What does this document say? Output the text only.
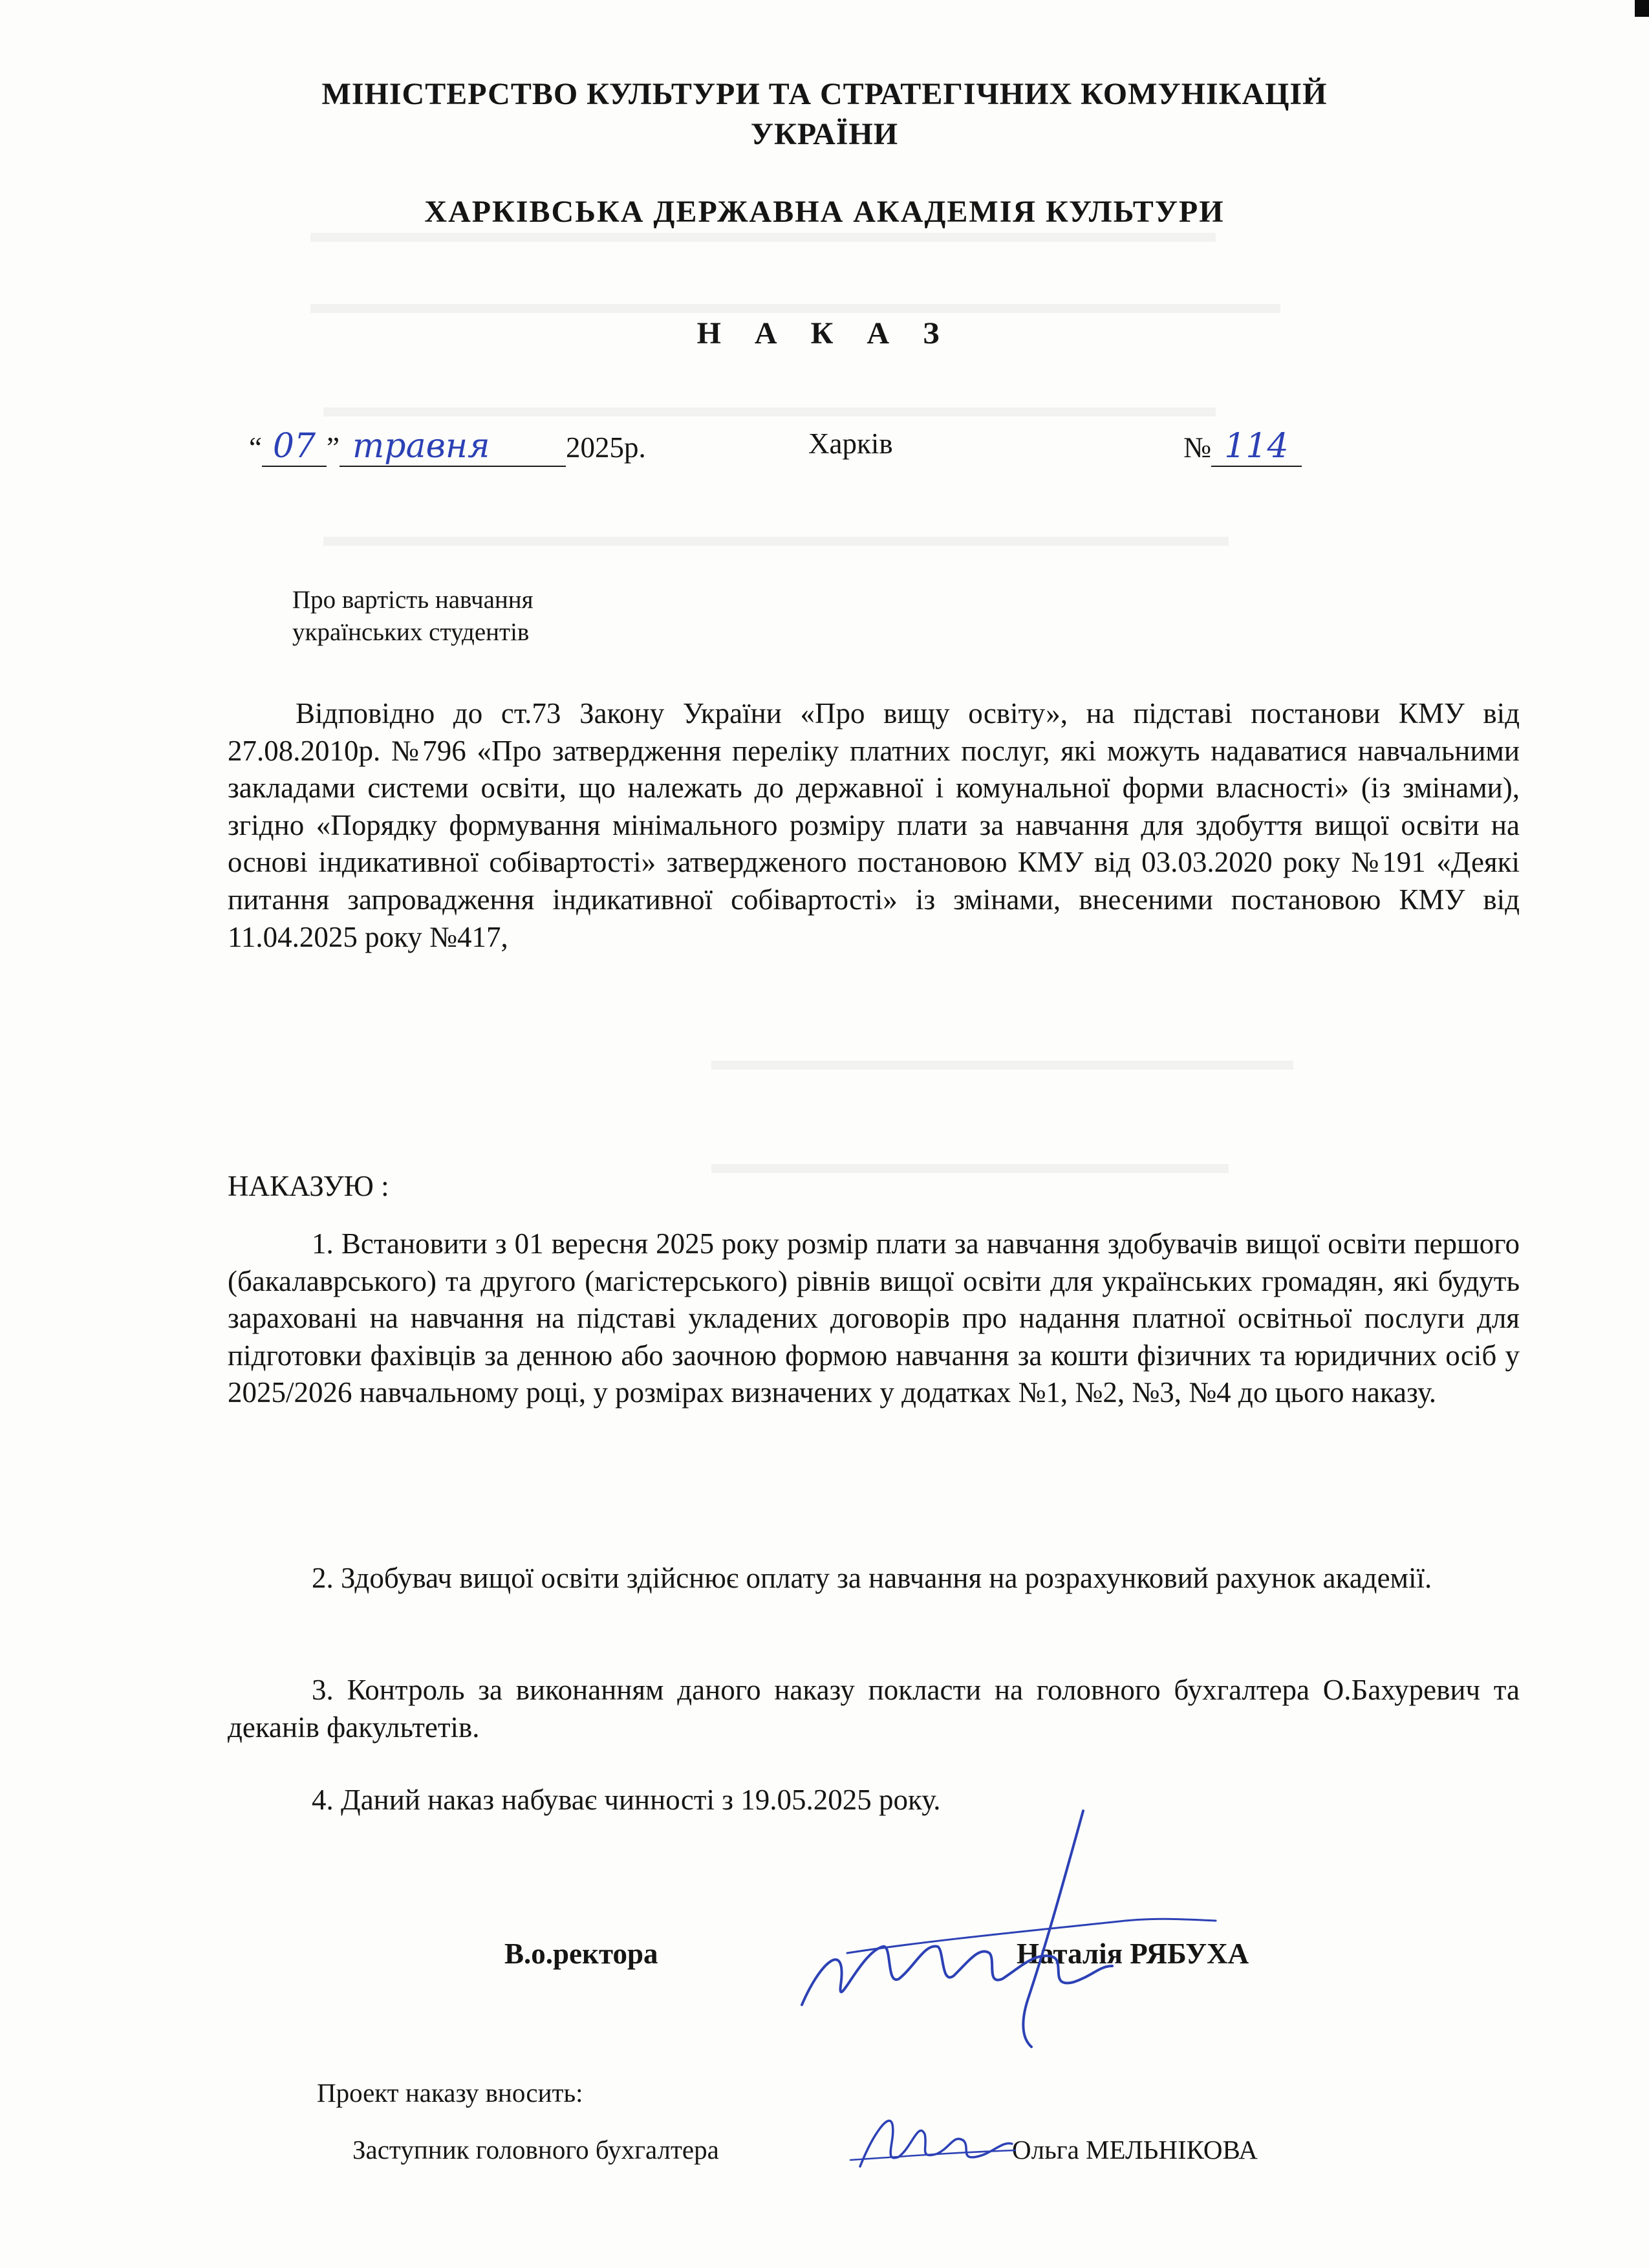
МІНІСТЕРСТВО КУЛЬТУРИ ТА СТРАТЕГІЧНИХ КОМУНІКАЦІЙ
УКРАЇНИ
ХАРКІВСЬКА ДЕРЖАВНА АКАДЕМІЯ КУЛЬТУРИ
Н А К А З
“ 07 ” травня	2025р.	Харків	№ 114
Про вартість навчання
українських студентів
Відповідно до ст.73 Закону України «Про вищу освіту», на підставі постанови КМУ від 27.08.2010р. №796 «Про затвердження переліку платних послуг, які можуть надаватися навчальними закладами системи освіти, що належать до державної і комунальної форми власності» (із змінами), згідно «Порядку формування мінімального розміру плати за навчання для здобуття вищої освіти на основі індикативної собівартості» затвердженого постановою КМУ від 03.03.2020 року №191 «Деякі питання запровадження індикативної собівартості» із змінами, внесеними постановою КМУ від 11.04.2025 року №417,
НАКАЗУЮ :
1. Встановити з 01 вересня 2025 року розмір плати за навчання здобувачів вищої освіти першого (бакалаврського) та другого (магістерського) рівнів вищої освіти для українських громадян, які будуть зараховані на навчання на підставі укладених договорів про надання платної освітньої послуги для підготовки фахівців за денною або заочною формою навчання за кошти фізичних та юридичних осіб у 2025/2026 навчальному році, у розмірах визначених у додатках №1, №2, №3, №4 до цього наказу.
2. Здобувач вищої освіти здійснює оплату за навчання на розрахунковий рахунок академії.
3. Контроль за виконанням даного наказу покласти на головного бухгалтера О.Бахуревич та деканів факультетів.
4. Даний наказ набуває чинності з 19.05.2025 року.
В.о.ректора	Наталія РЯБУХА
Проект наказу вносить:
Заступник головного бухгалтера	Ольга МЕЛЬНІКОВА
